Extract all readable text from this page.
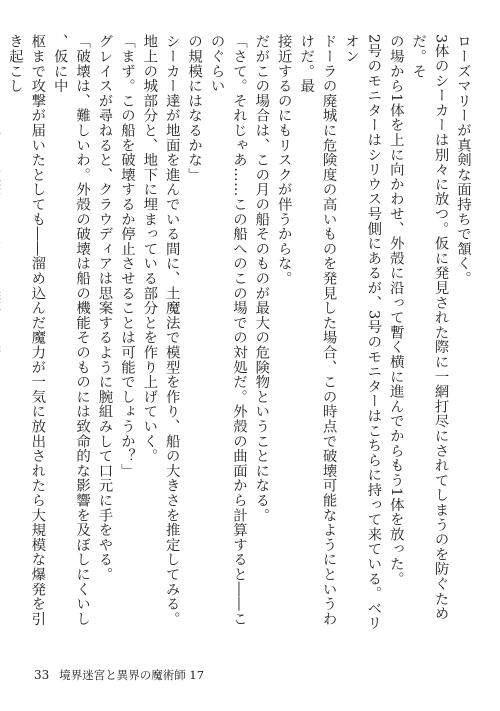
ローズマリーが真剣な面持ちで頷く。

3体のシーカーは別々に放つ。仮に発見された際に一網打尽にされてしまうのを防ぐためだ。そ

の場から1体を上に向かわせ、外殻に沿って暫く横に進んでからもう1体を放った。

2号のモニターはシリウス号側にあるが、3号のモニターはこちらに持って来ている。ベリオン

ドーラの廃城に危険度の高いものを発見した場合、この時点で破壊可能なようにというわけだ。最

接近するのにもリスクが伴うからな。

だがこの場合は、この月の船そのものが最大の危険物ということになる。

「さて。それじゃあ……この船へのこの場での対処だ。外殻の曲面から計算すると――このぐらい

の規模にはなるかな」

シーカー達が地面を進んでいる間に、土魔法で模型を作り、船の大きさを推定してみる。

地上の城部分と、地下に埋まっている部分とを作り上げていく。

「まず。この船を破壊するか停止させることは可能でしょうか？」

グレイスが尋ねると、クラウディアは思案するように腕組みして口元に手をやる。

「破壊は、難しいわ。外殻の破壊は船の機能そのものには致命的な影響を及ぼしにくいし、仮に中

枢まで攻撃が届いたとしても――溜め込んだ魔力が一気に放出されたら大規模な爆発を引き起こし

33 境界迷宮と異界の魔術師 17
